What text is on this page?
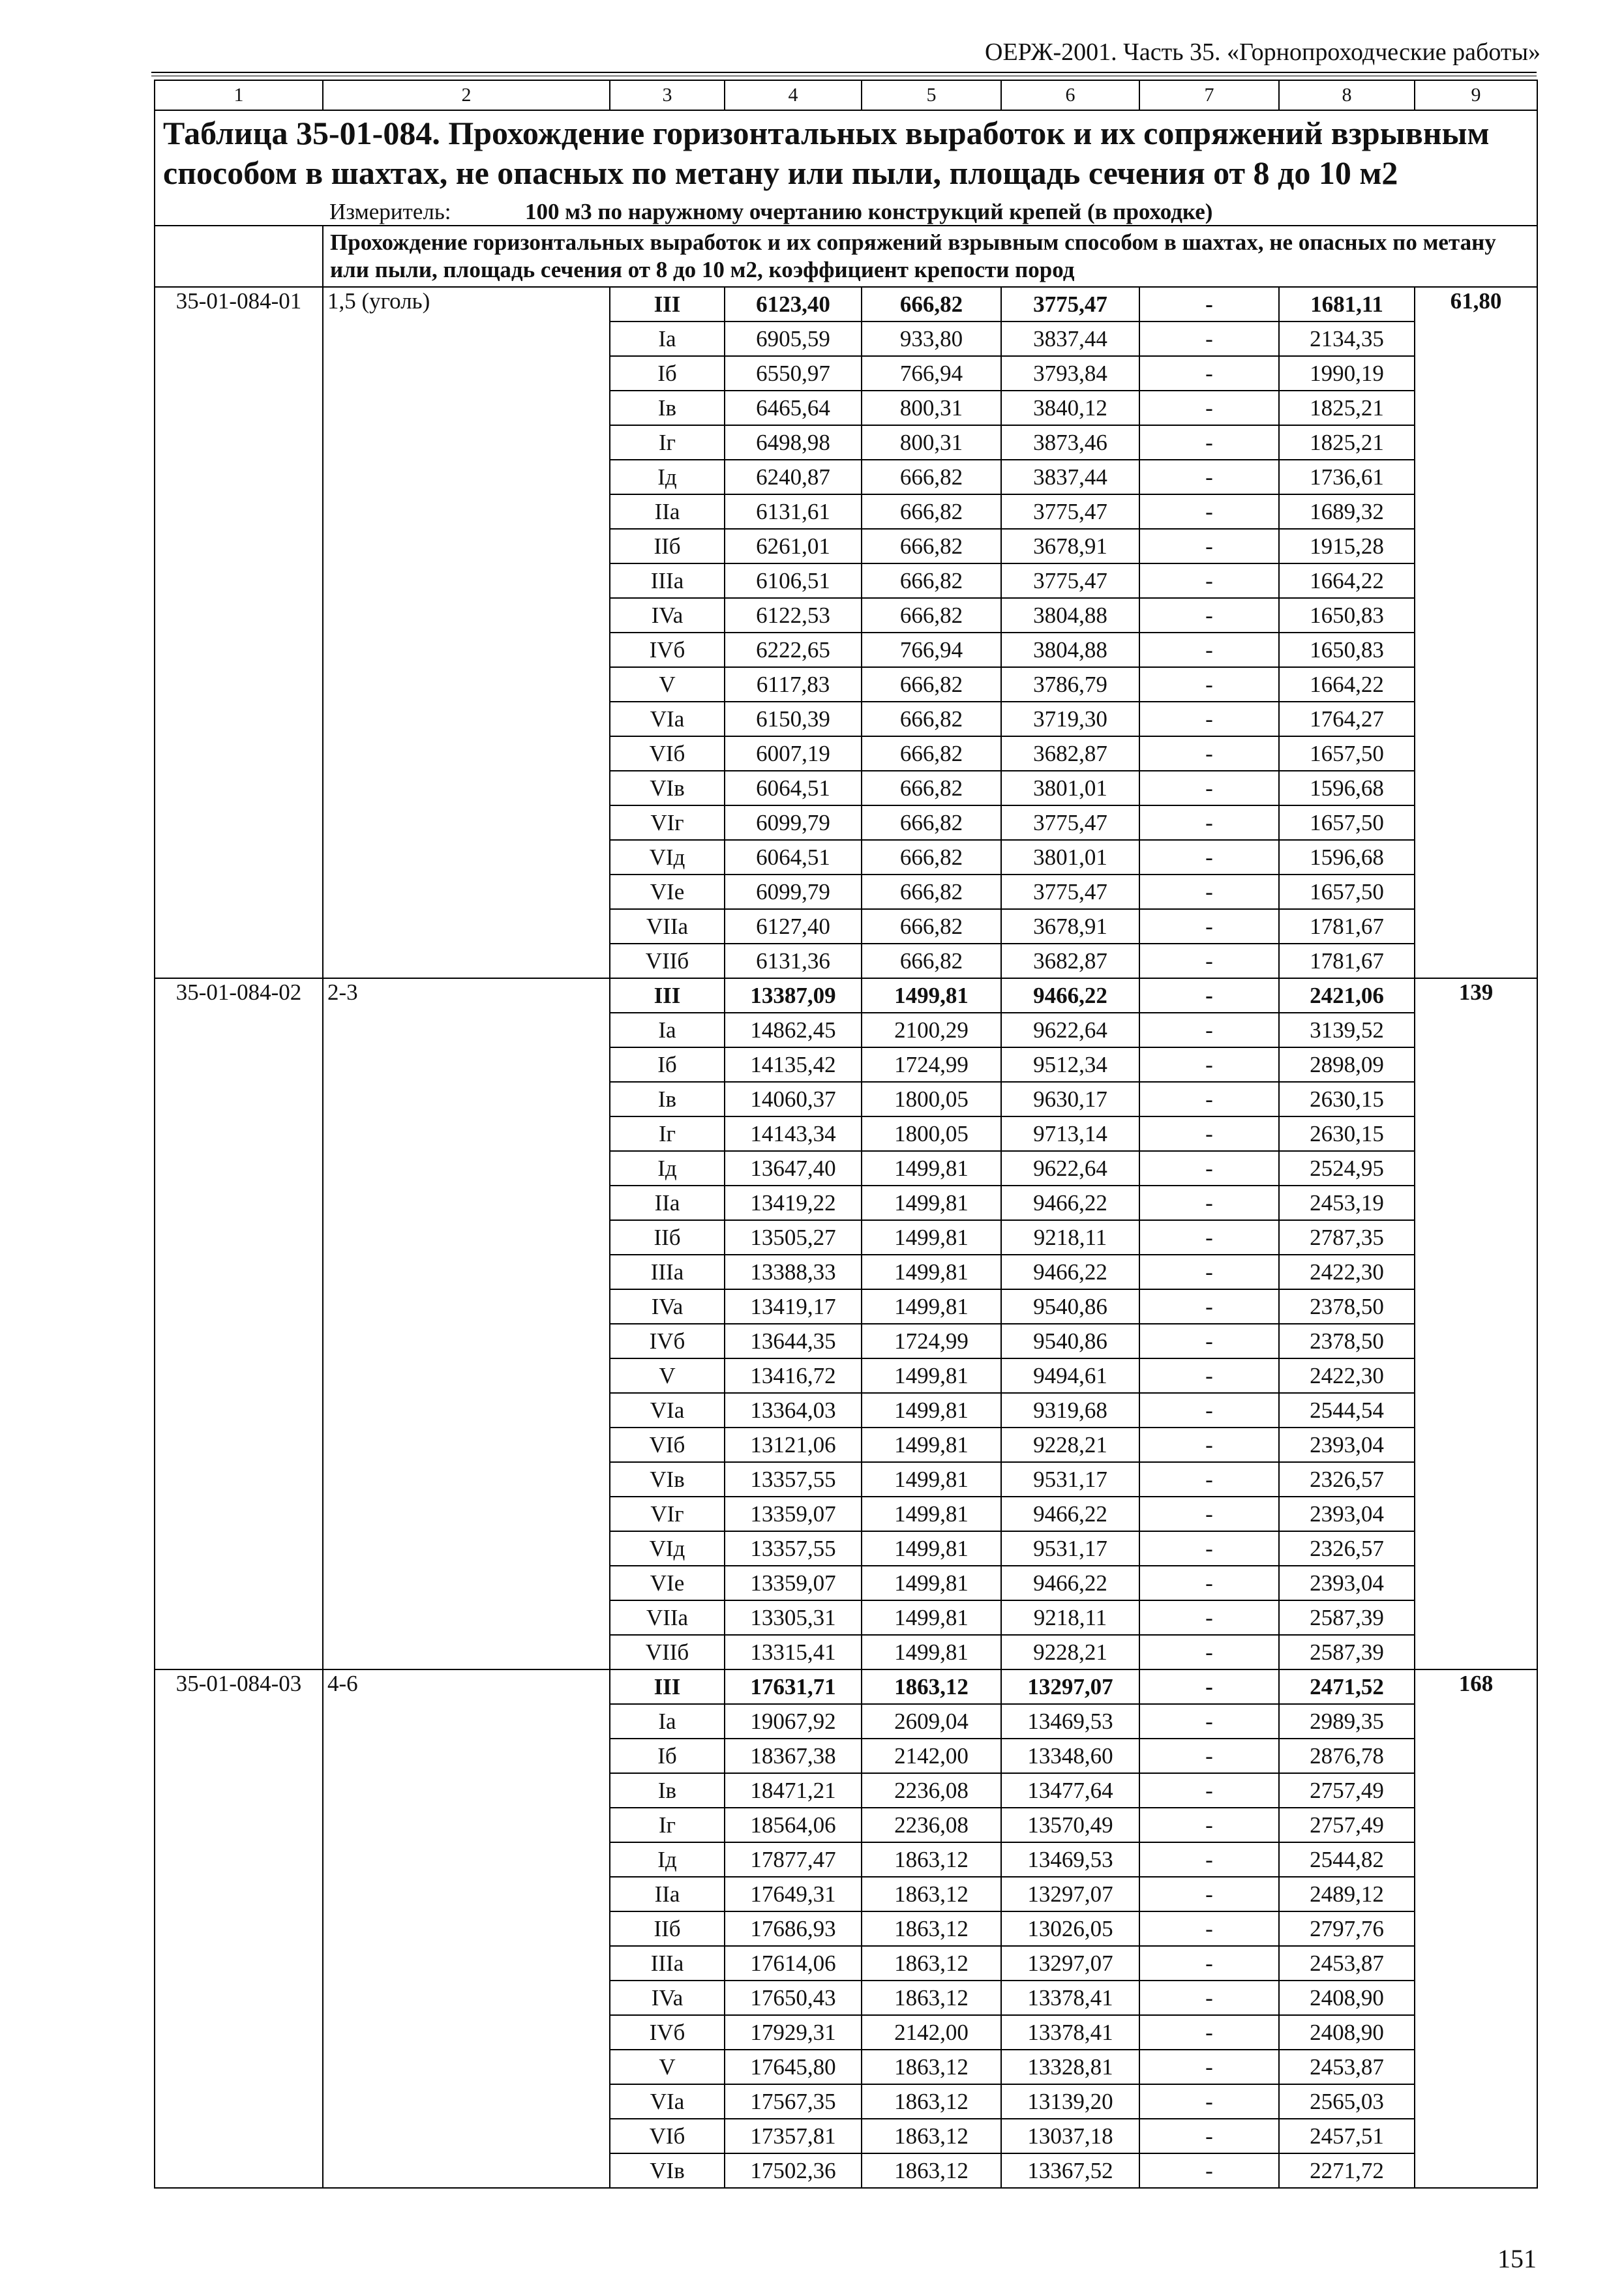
ОЕРЖ-2001. Часть 35. «Горнопроходческие работы»
1	2	3	4	5	6	7	8	9
Таблица 35-01-084. Прохождение горизонтальных выработок и их сопряжений взрывным способом в шахтах, не опасных по метану или пыли, площадь сечения от 8 до 10 м2								
	Измеритель: 100 м3 по наружному очертанию конструкций крепей (в проходке)							
	Прохождение горизонтальных выработок и их сопряжений взрывным способом в шахтах, не опасных по метану или пыли, площадь сечения от 8 до 10 м2, коэффициент крепости пород							
35-01-084-01	1,5 (уголь)	III	6123,40	666,82	3775,47	-	1681,11	61,80
		Ia	6905,59	933,80	3837,44	-	2134,35	
		Iб	6550,97	766,94	3793,84	-	1990,19	
		Iв	6465,64	800,31	3840,12	-	1825,21	
		Iг	6498,98	800,31	3873,46	-	1825,21	
		Iд	6240,87	666,82	3837,44	-	1736,61	
		IIa	6131,61	666,82	3775,47	-	1689,32	
		IIб	6261,01	666,82	3678,91	-	1915,28	
		IIIa	6106,51	666,82	3775,47	-	1664,22	
		IVa	6122,53	666,82	3804,88	-	1650,83	
		IVб	6222,65	766,94	3804,88	-	1650,83	
		V	6117,83	666,82	3786,79	-	1664,22	
		VIa	6150,39	666,82	3719,30	-	1764,27	
		VIб	6007,19	666,82	3682,87	-	1657,50	
		VIв	6064,51	666,82	3801,01	-	1596,68	
		VIг	6099,79	666,82	3775,47	-	1657,50	
		VIд	6064,51	666,82	3801,01	-	1596,68	
		VIe	6099,79	666,82	3775,47	-	1657,50	
		VIIa	6127,40	666,82	3678,91	-	1781,67	
		VIIб	6131,36	666,82	3682,87	-	1781,67	
35-01-084-02	2-3	III	13387,09	1499,81	9466,22	-	2421,06	139
		Ia	14862,45	2100,29	9622,64	-	3139,52	
		Iб	14135,42	1724,99	9512,34	-	2898,09	
		Iв	14060,37	1800,05	9630,17	-	2630,15	
		Iг	14143,34	1800,05	9713,14	-	2630,15	
		Iд	13647,40	1499,81	9622,64	-	2524,95	
		IIa	13419,22	1499,81	9466,22	-	2453,19	
		IIб	13505,27	1499,81	9218,11	-	2787,35	
		IIIa	13388,33	1499,81	9466,22	-	2422,30	
		IVa	13419,17	1499,81	9540,86	-	2378,50	
		IVб	13644,35	1724,99	9540,86	-	2378,50	
		V	13416,72	1499,81	9494,61	-	2422,30	
		VIa	13364,03	1499,81	9319,68	-	2544,54	
		VIб	13121,06	1499,81	9228,21	-	2393,04	
		VIв	13357,55	1499,81	9531,17	-	2326,57	
		VIг	13359,07	1499,81	9466,22	-	2393,04	
		VIд	13357,55	1499,81	9531,17	-	2326,57	
		VIe	13359,07	1499,81	9466,22	-	2393,04	
		VIIa	13305,31	1499,81	9218,11	-	2587,39	
		VIIб	13315,41	1499,81	9228,21	-	2587,39	
35-01-084-03	4-6	III	17631,71	1863,12	13297,07	-	2471,52	168
		Ia	19067,92	2609,04	13469,53	-	2989,35	
		Iб	18367,38	2142,00	13348,60	-	2876,78	
		Iв	18471,21	2236,08	13477,64	-	2757,49	
		Iг	18564,06	2236,08	13570,49	-	2757,49	
		Iд	17877,47	1863,12	13469,53	-	2544,82	
		IIa	17649,31	1863,12	13297,07	-	2489,12	
		IIб	17686,93	1863,12	13026,05	-	2797,76	
		IIIa	17614,06	1863,12	13297,07	-	2453,87	
		IVa	17650,43	1863,12	13378,41	-	2408,90	
		IVб	17929,31	2142,00	13378,41	-	2408,90	
		V	17645,80	1863,12	13328,81	-	2453,87	
		VIa	17567,35	1863,12	13139,20	-	2565,03	
		VIб	17357,81	1863,12	13037,18	-	2457,51	
		VIв	17502,36	1863,12	13367,52	-	2271,72	
151
